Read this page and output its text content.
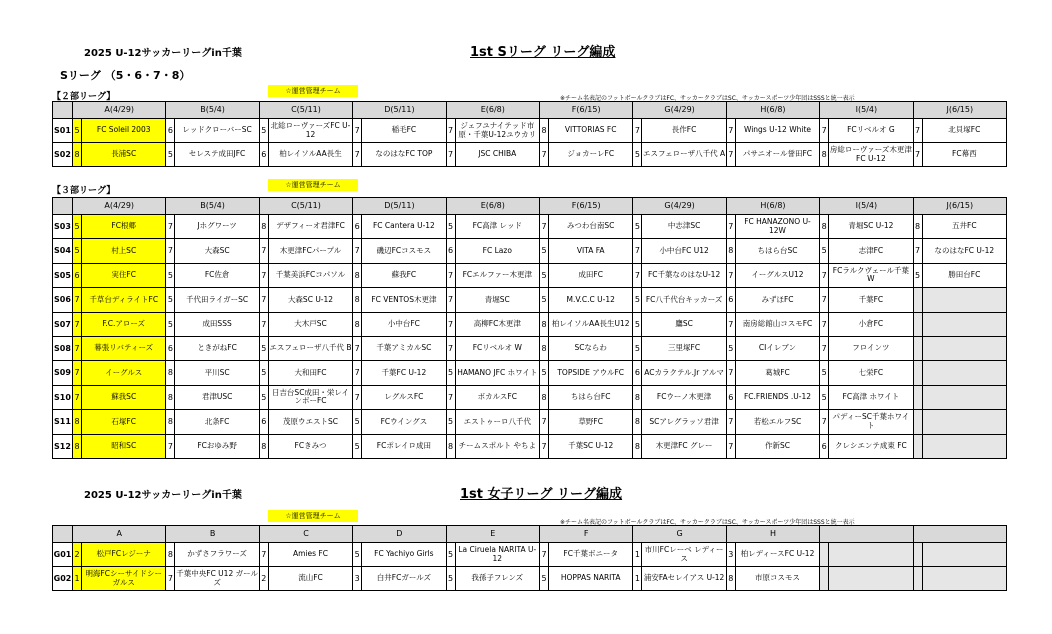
2025 U-12サッカーリーグin千葉	1st Sリーグ リーグ編成
Sリーグ （5・6・7・8）
【２部リーグ】
☆運営管理チーム
※チーム名表記のフットボールクラブはFC、サッカークラブはSC、サッカースポーツ少年団はSSSと統一表示
	A(4/29)		B(5/4)		C(5/11)		D(5/11)		E(6/8)		F(6/15)		G(4/29)		H(6/8)		I(5/4)		J(6/15)	
S01	5	FC Soleil 2003	6	レッドクローバーSC	5	北総ローヴァーズFC U-12	7	稲毛FC	7	ジェフユナイテッド市原・千葉U-12ユウカリ	8	VITTORIAS FC	7	長作FC	7	Wings U-12 White	7	FCリベルオ G	7	北貝塚FC
S02	8	長浦SC	5	セレステ成田JFC	6	柏レイソルAA長生	7	なのはなFC TOP	7	JSC CHIBA	7	ジョカーレFC	5	エスフェローザ八千代 A	7	パサニオール誉田FC	8	房総ローヴァーズ木更津FC U-12	7	FC幕西
【３部リーグ】
☆運営管理チーム
	A(4/29)		B(5/4)		C(5/11)		D(5/11)		E(6/8)		F(6/15)		G(4/29)		H(6/8)		I(5/4)		J(6/15)	
S03	5	FC根郷	7	Jホグワーツ	8	デザフィーオ君津FC	6	FC Cantera U-12	5	FC高津 レッド	7	みつわ台南SC	5	中志津SC	7	FC HANAZONO U-12W	8	青堀SC U-12	8	五井FC
S04	5	村上SC	7	大森SC	7	木更津FCパープル	7	磯辺FCコスモス	6	FC Lazo	5	VITA FA	7	小中台FC U12	8	ちはら台SC	5	志津FC	7	なのはなFC U-12
S05	6	実住FC	5	FC佐倉	7	千葉美浜FCコパソル	8	蘇我FC	7	FCエルファー木更津	5	成田FC	7	FC千葉なのはなU-12	7	イーグルスU12	7	FCラルクヴェール千葉 W	5	勝田台FC
S06	7	千草台ディライトFC	5	千代田ライガーSC	7	大森SC U-12	8	FC VENTOS木更津	7	青堀SC	5	M.V.C.C U-12	5	FC八千代台キッカーズ	6	みずほFC	7	千葉FC		
S07	7	F.C.アローズ	5	成田SSS	7	大木戸SC	8	小中台FC	7	高柳FC木更津	8	柏レイソルAA長生U12	5	鷹SC	7	南房総館山コスモFC	7	小倉FC		
S08	7	幕張リバティーズ	6	ときがねFC	5	エスフェローザ八千代 B	7	千葉アミカルSC	7	FCリベルオ W	8	SCならわ	5	三里塚FC	5	CIイレブン	7	フロインツ		
S09	7	イーグルス	8	平川SC	5	大和田FC	7	千葉FC U-12	5	HAMANO JFC ホワイト	5	TOPSIDE アウルFC	6	ACカラクテル.Jr アルマ	7	葛城FC	5	七栄FC		
S10	7	蘇我SC	8	君津USC	5	日吉台SC成田・栄レインボーFC	7	レグルスFC	7	ボカルスFC	8	ちはら台FC	8	FCウーノ木更津	6	FC.FRIENDS .U-12	5	FC高津 ホワイト		
S11	8	石塚FC	8	北条FC	6	茂原ウエストSC	5	FCウイングス	5	エストゥーロ八千代	7	草野FC	8	SCアレグラッソ君津	7	若松エルフSC	7	パディーSC千葉ホワイト		
S12	8	昭和SC	7	FCおゆみ野	8	FCきみつ	5	FCポレイロ成田	8	チームスポルト やちよ	7	千葉SC U-12	8	木更津FC グレー	7	作新SC	6	クレシエンテ成東 FC		
2025 U-12サッカーリーグin千葉	1st 女子リーグ リーグ編成
☆運営管理チーム
※チーム名表記のフットボールクラブはFC、サッカークラブはSC、サッカースポーツ少年団はSSSと統一表示
	A		B		C		D		E		F		G		H					
G01	2	松戸FCレジーナ	8	かずさフラワーズ	7	Amies FC	5	FC Yachiyo Girls	5	La Ciruela NARITA U-12	7	FC千葉ボニータ	1	市川FCレーベ レディース	3	柏レディースFC U-12				
G02	1	明海FCシーサイドシーガルス	7	千葉中央FC U12 ガールズ	2	流山FC	3	白井FCガールズ	5	我孫子フレンズ	5	HOPPAS NARITA	1	浦安FAセレイアス U-12	8	市原コスモス				
